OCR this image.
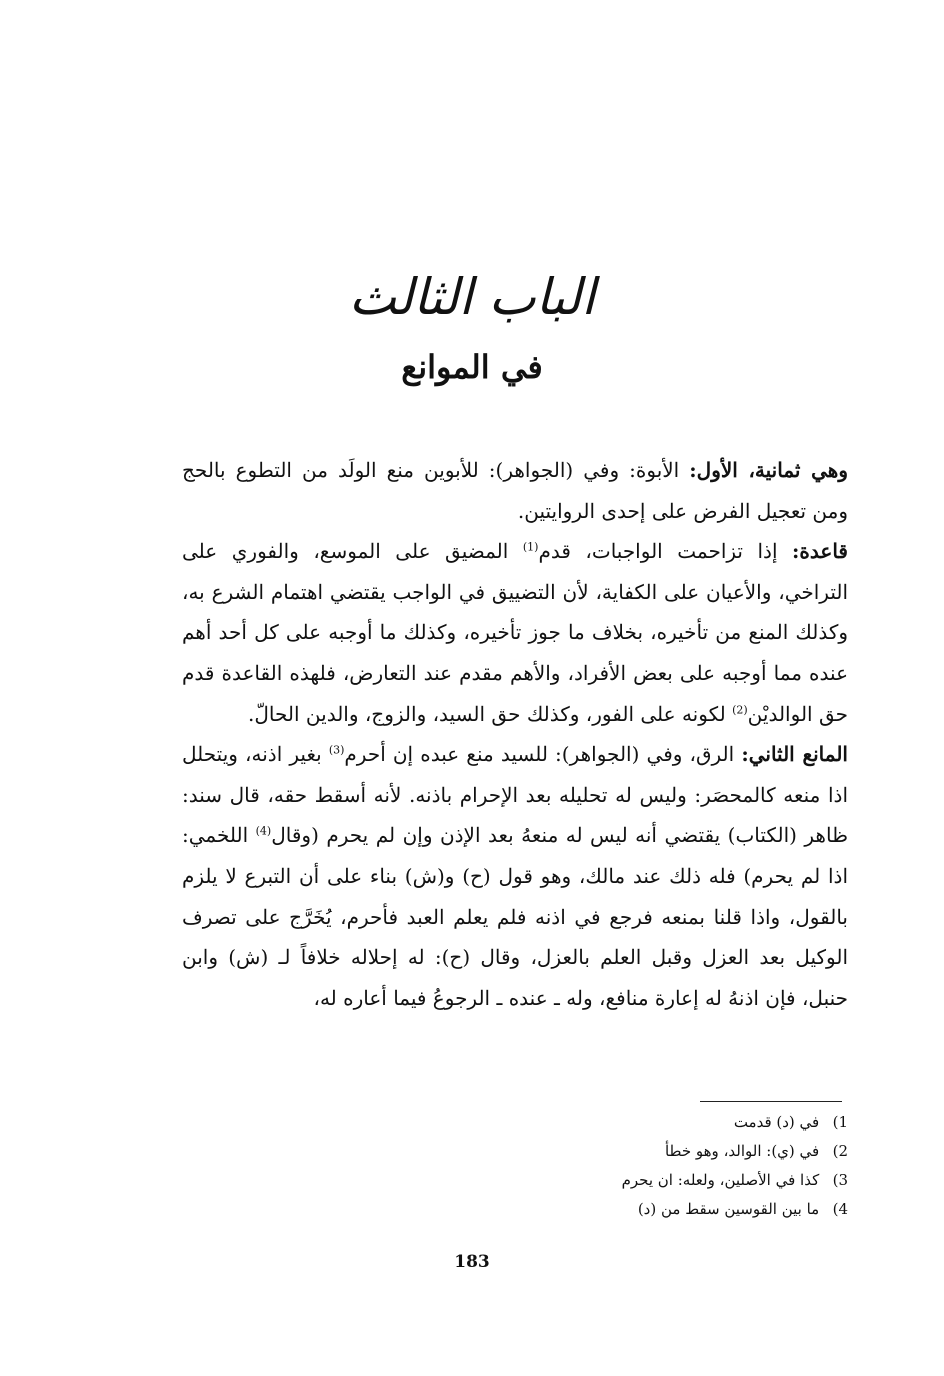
الباب الثالث
في الموانع

وهي ثمانية، الأول: الأبوة: وفي (الجواهر): للأبوين منع الولَد من التطوع بالحج ومن تعجيل الفرض على إحدى الروايتين.

قاعدة: إذا تزاحمت الواجبات، قدم$^{(1)}$ المضيق على الموسع، والفوري على التراخي، والأعيان على الكفاية، لأن التضييق في الواجب يقتضي اهتمام الشرع به، وكذلك المنع من تأخيره، بخلاف ما جوز تأخيره، وكذلك ما أوجبه على كل أحد أهم عنده مما أوجبه على بعض الأفراد، والأهم مقدم عند التعارض، فلهذه القاعدة قدم حق الوالديْن$^{(2)}$ لكونه على الفور، وكذلك حق السيد، والزوج، والدين الحالّ.

المانع الثاني: الرق، وفي (الجواهر): للسيد منع عبده إن أحرم$^{(3)}$ بغير اذنه، ويتحلل اذا منعه كالمحصَر: وليس له تحليله بعد الإحرام باذنه. لأنه أسقط حقه، قال سند: ظاهر (الكتاب) يقتضي أنه ليس له منعهُ بعد الإذن وإن لم يحرم (وقال$^{(4)}$ اللخمي: اذا لم يحرم) فله ذلك عند مالك، وهو قول (ح) و(ش) بناء على أن التبرع لا يلزم بالقول، واذا قلنا بمنعه فرجع في اذنه فلم يعلم العبد فأحرم، يُخَرَّج على تصرف الوكيل بعد العزل وقبل العلم بالعزل، وقال (ح): له إحلاله خلافاً لـ (ش) وابن حنبل، فإن اذنهُ له إعارة منافع، وله ـ عنده ـ الرجوعُ فيما أعاره له،

1) في (د) قدمت
2) في (ي): الوالد، وهو خطأ
3) كذا في الأصلين، ولعله: ان يحرم
4) ما بين القوسين سقط من (د)
183
